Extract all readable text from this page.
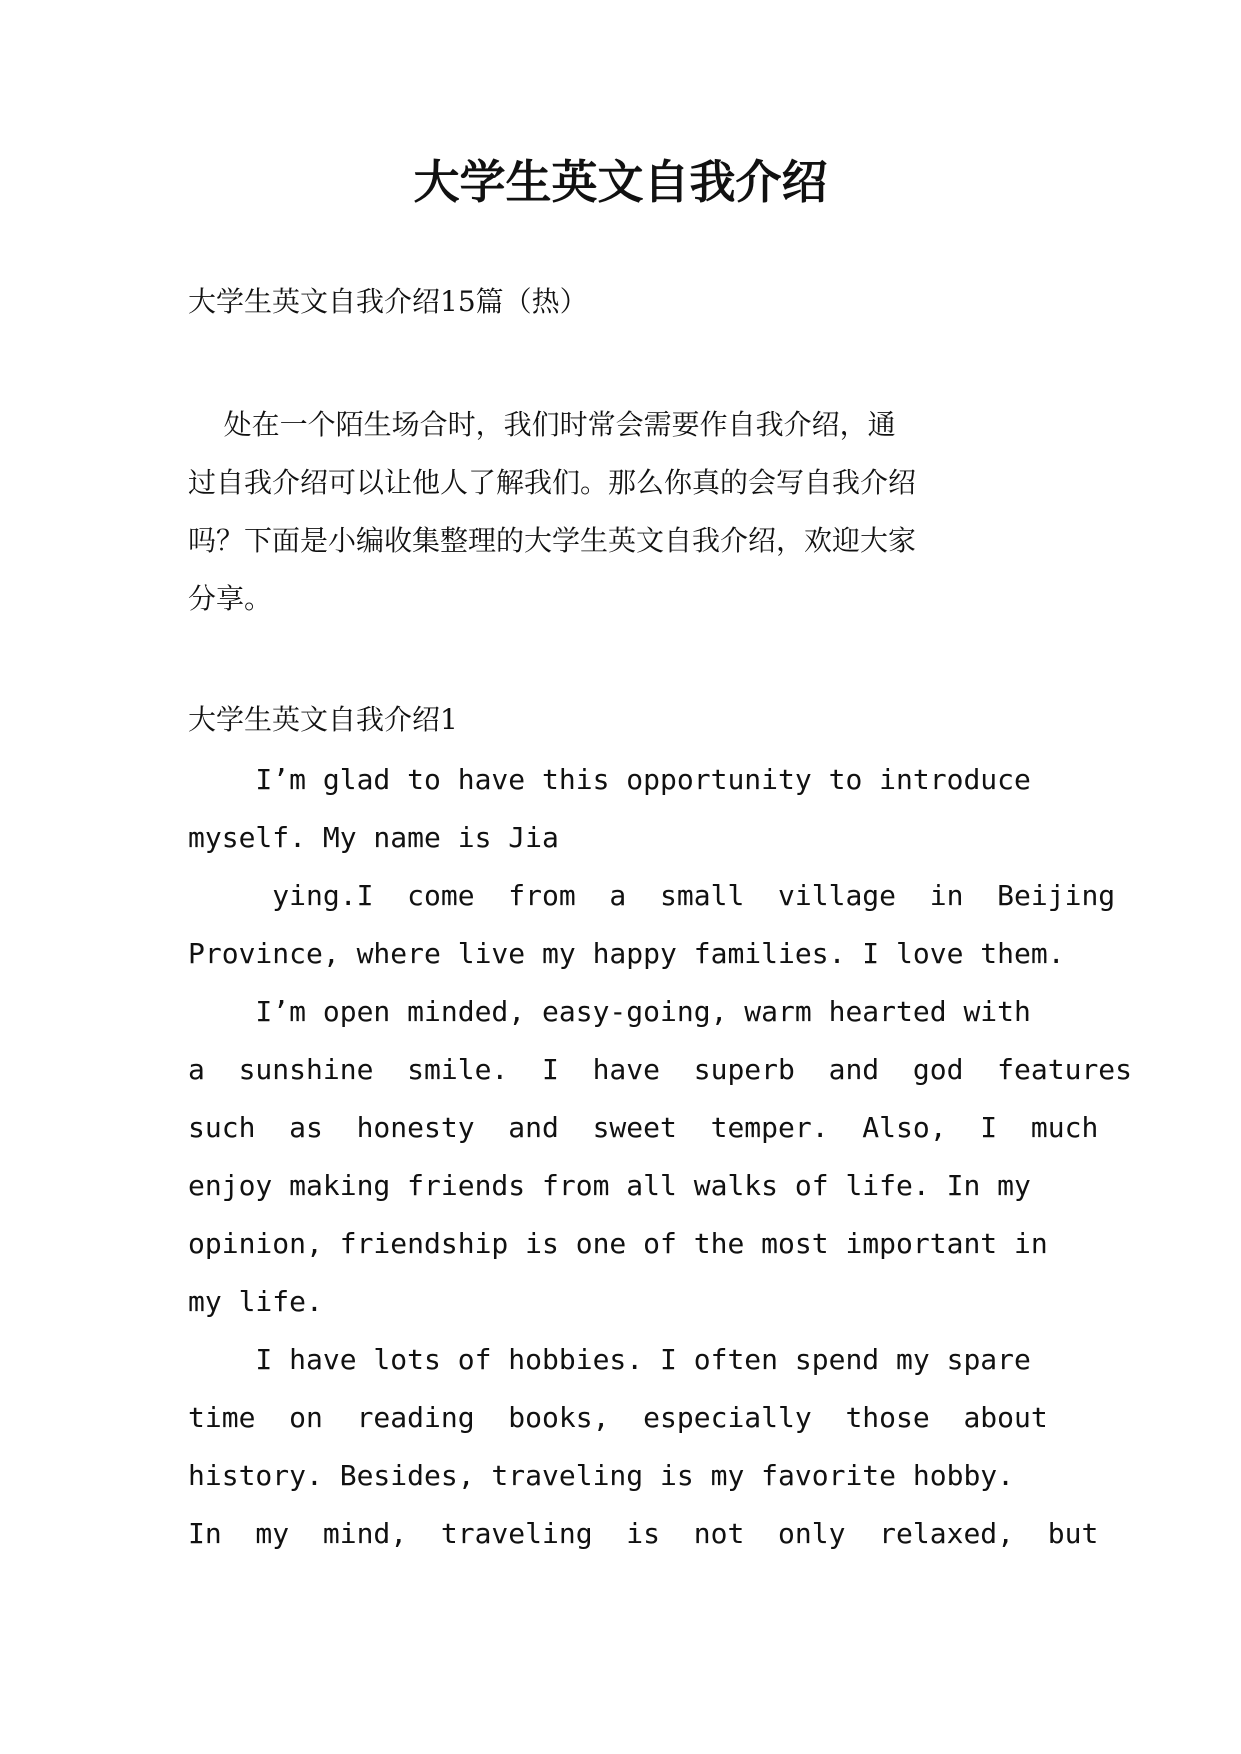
大学生英文自我介绍

大学生英文自我介绍15篇（热）

处在一个陌生场合时，我们时常会需要作自我介绍，通

过自我介绍可以让他人了解我们。那么你真的会写自我介绍

吗？下面是小编收集整理的大学生英文自我介绍，欢迎大家

分享。

大学生英文自我介绍1

I’m glad to have this opportunity to introduce

myself. My name is Jia

ying.I  come  from  a  small  village  in  Beijing

Province, where live my happy families. I love them.

I’m open minded, easy-going, warm hearted with

a  sunshine  smile.  I  have  superb  and  god  features

such  as  honesty  and  sweet  temper.  Also,  I  much

enjoy making friends from all walks of life. In my

opinion, friendship is one of the most important in

my life.

I have lots of hobbies. I often spend my spare

time  on  reading  books,  especially  those  about

history. Besides, traveling is my favorite hobby.

In  my  mind,  traveling  is  not  only  relaxed,  but
